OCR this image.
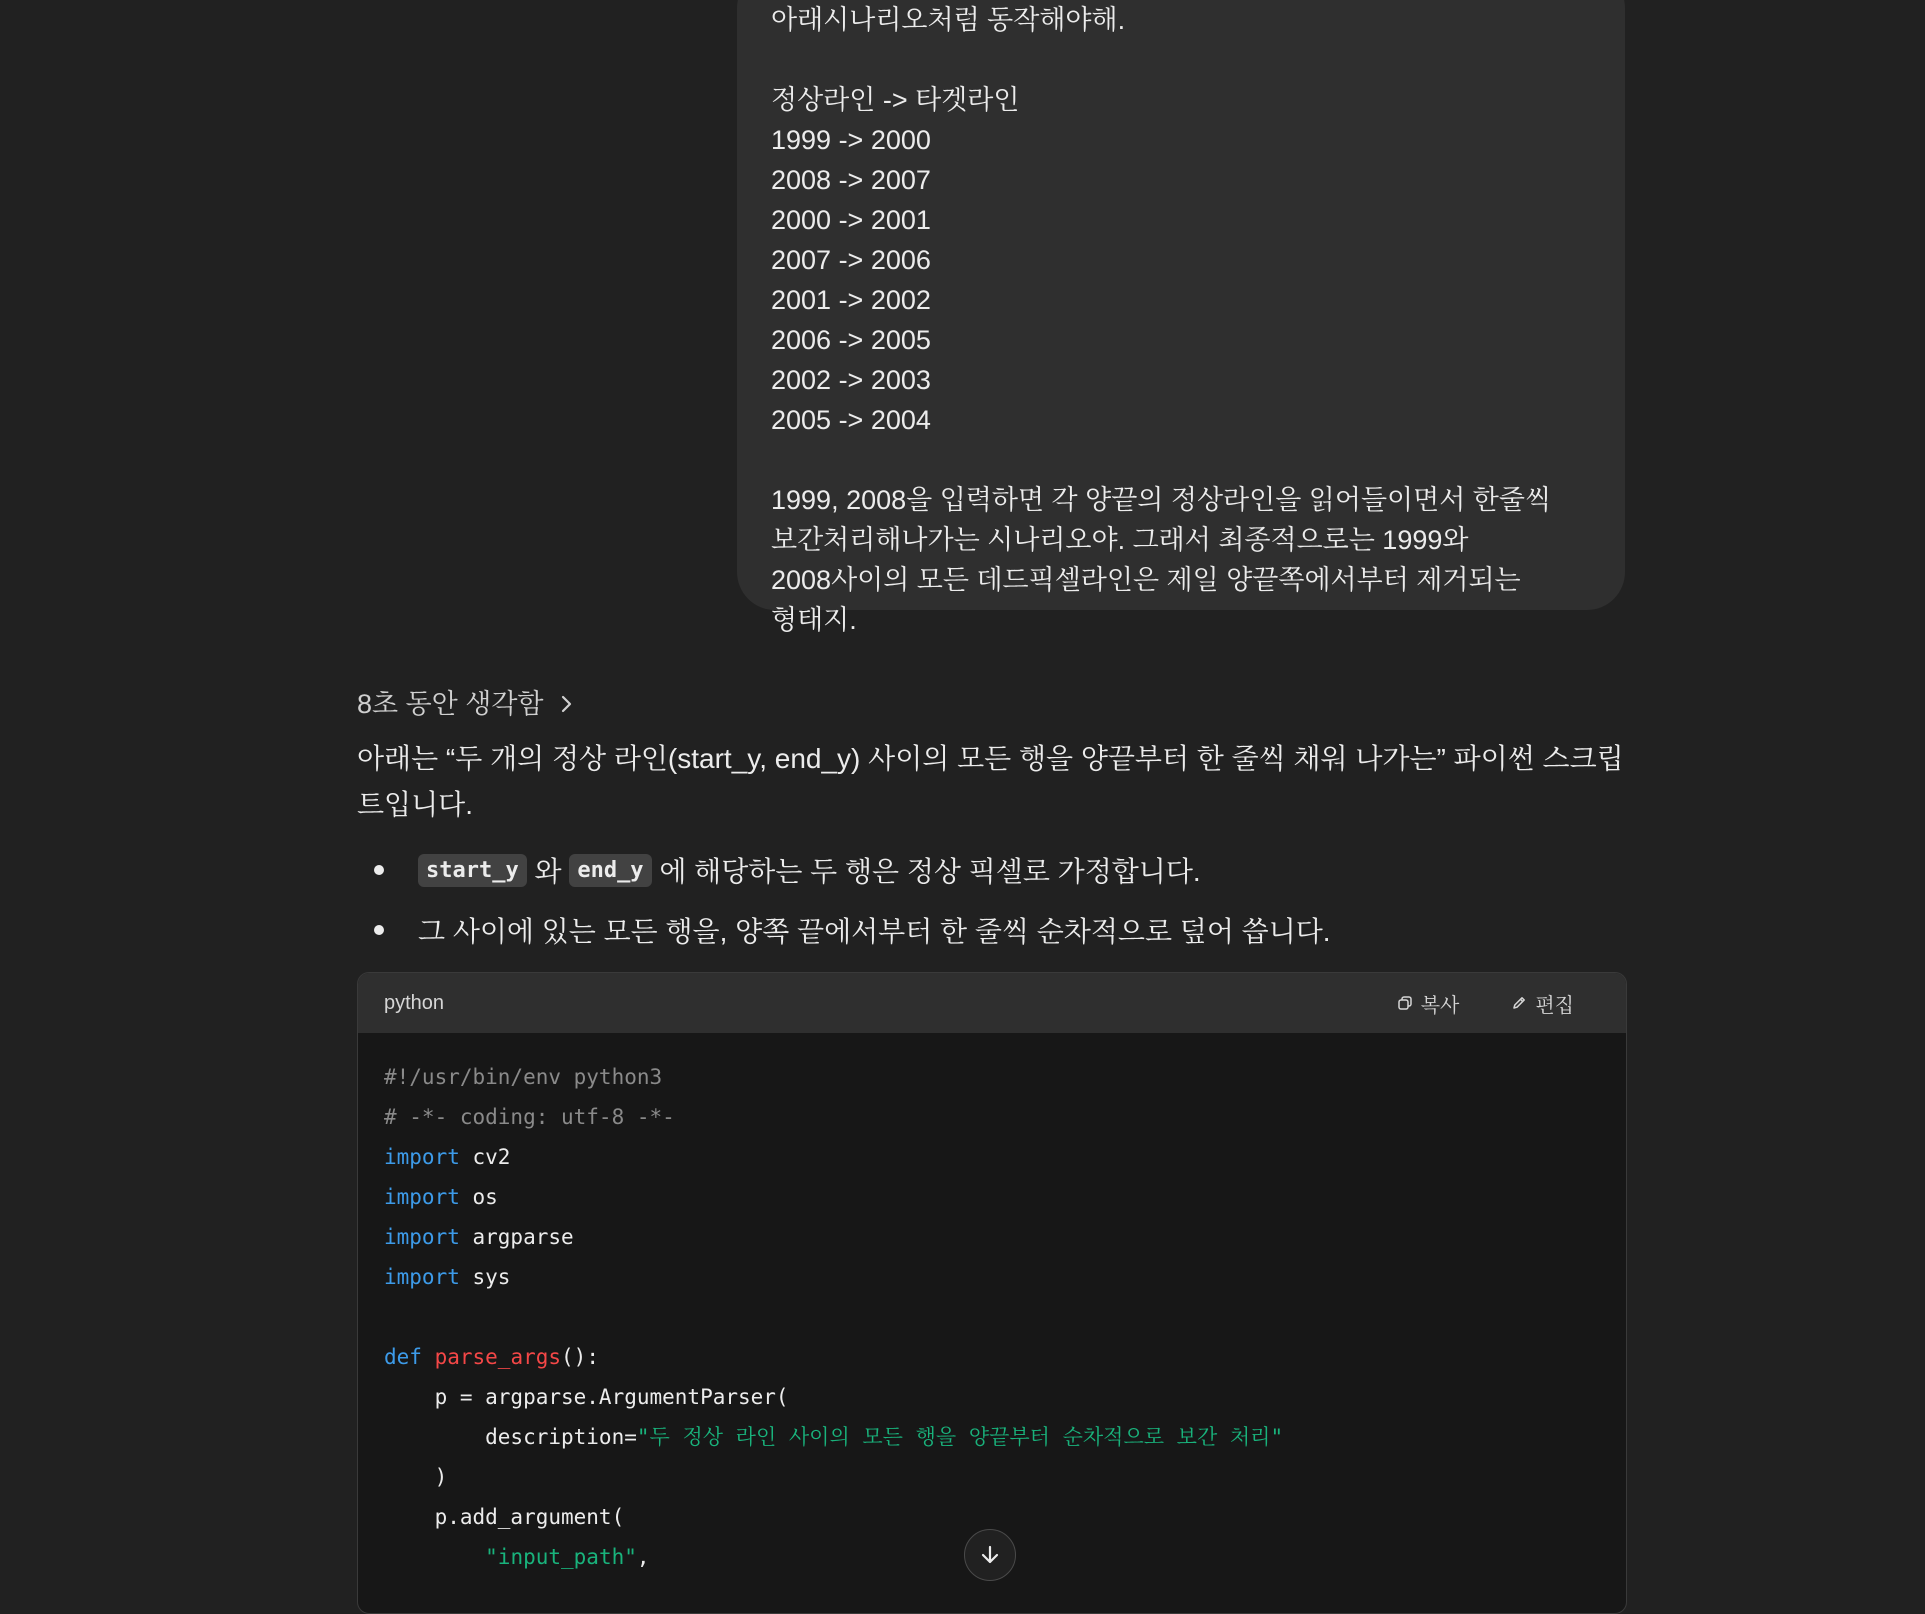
아래시나리오처럼 동작해야해.
정상라인 -> 타겟라인
1999 -> 2000
2008 -> 2007
2000 -> 2001
2007 -> 2006
2001 -> 2002
2006 -> 2005
2002 -> 2003
2005 -> 2004
1999, 2008을 입력하면 각 양끝의 정상라인을 읽어들이면서 한줄씩 보간처리해나가는 시나리오야. 그래서 최종적으로는 1999와 2008사이의 모든 데드픽셀라인은 제일 양끝쪽에서부터 제거되는 형태지.
8초 동안 생각함
아래는 “두 개의 정상 라인(start_y, end_y) 사이의 모든 행을 양끝부터 한 줄씩 채워 나가는” 파이썬 스크립트입니다.
start_y 와 end_y 에 해당하는 두 행은 정상 픽셀로 가정합니다.
그 사이에 있는 모든 행을, 양쪽 끝에서부터 한 줄씩 순차적으로 덮어 씁니다.
python	복사	편집
#!/usr/bin/env python3
# -*- coding: utf-8 -*-
import cv2
import os
import argparse
import sys

def parse_args():
p = argparse.ArgumentParser(
description="두 정상 라인 사이의 모든 행을 양끝부터 순차적으로 보간 처리"
)
p.add_argument(
"input_path",
